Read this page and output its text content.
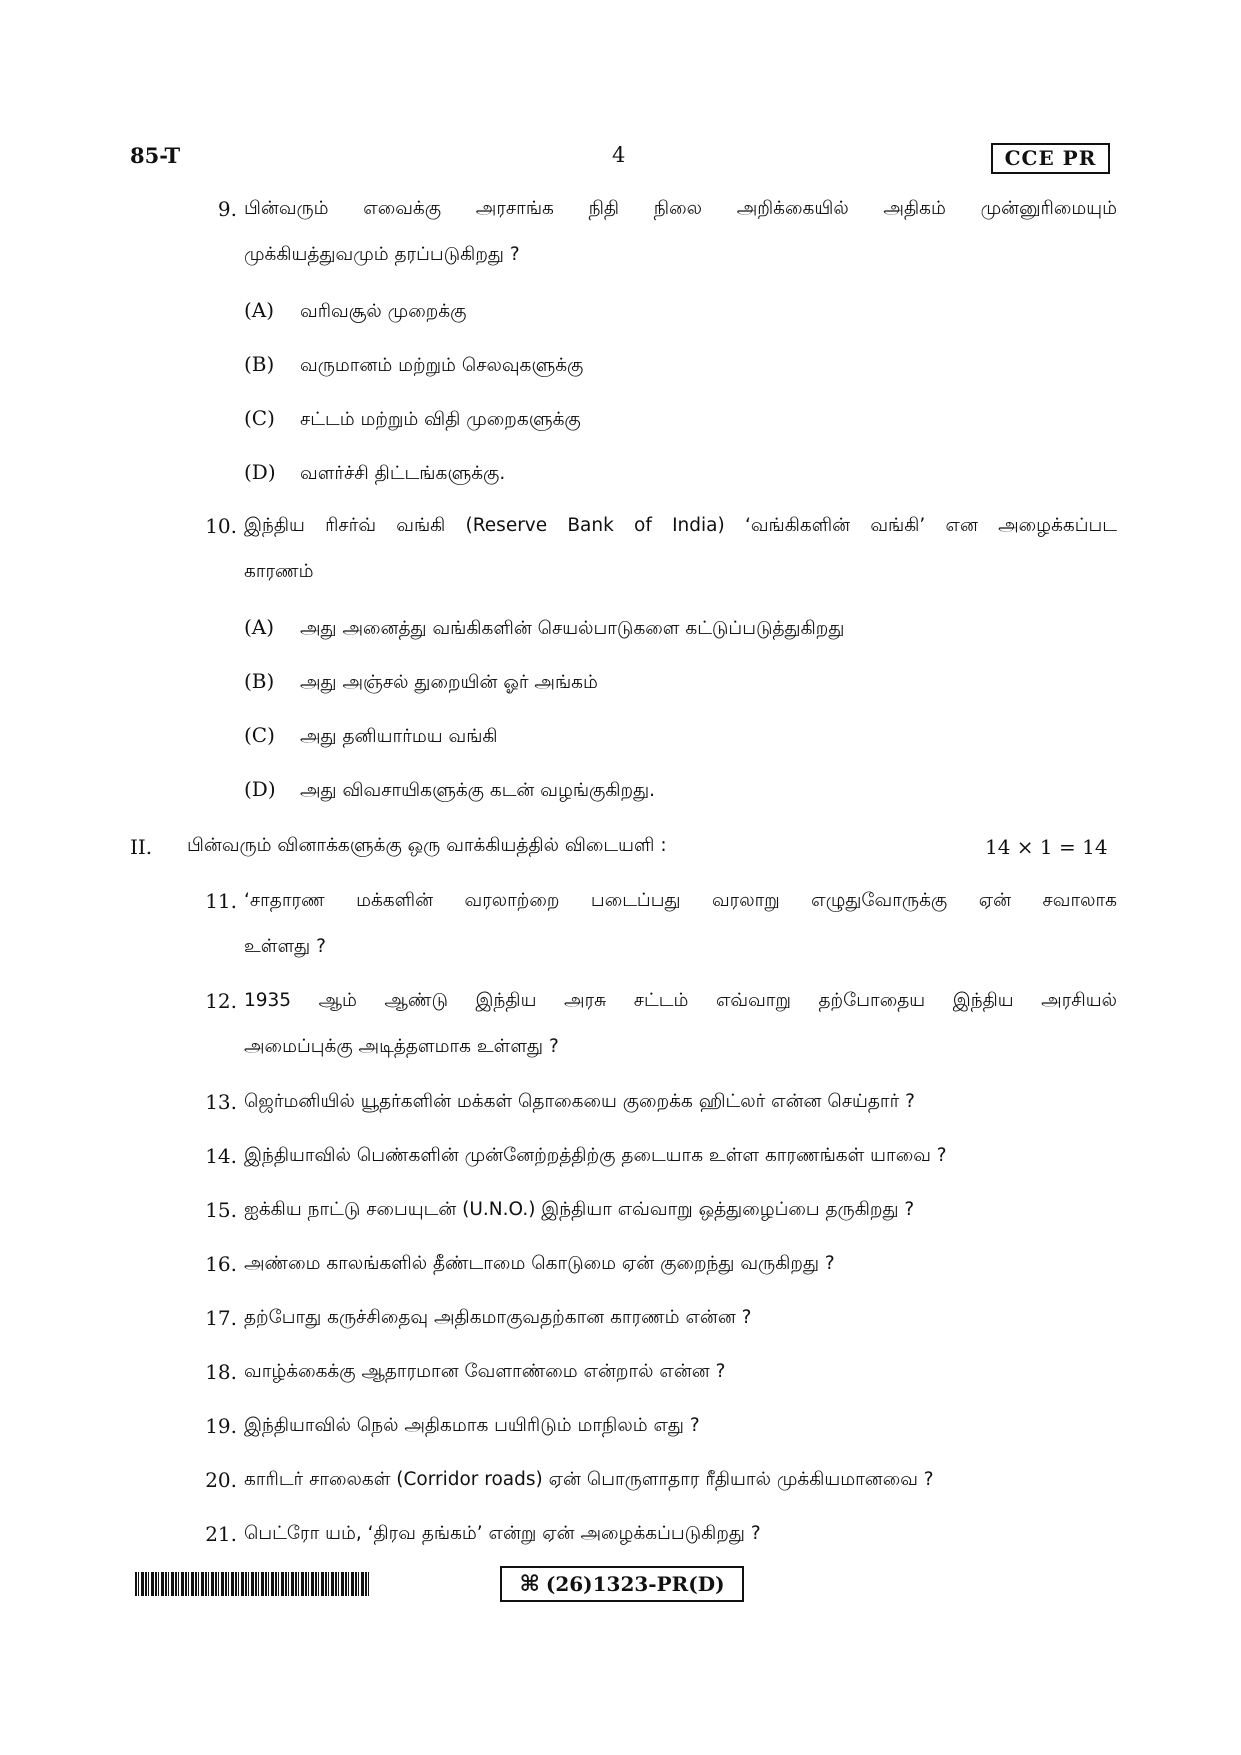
85-T	4	CCE PR
9. பின்வரும் எவைக்கு அரசாங்க நிதி நிலை அறிக்கையில் அதிகம் முன்னுரிமையும்
முக்கியத்துவமும் தரப்படுகிறது ?
(A) வரிவசூல் முறைக்கு
(B) வருமானம் மற்றும் செலவுகளுக்கு
(C) சட்டம் மற்றும் விதி முறைகளுக்கு
(D) வளர்ச்சி திட்டங்களுக்கு.
10. இந்திய ரிசர்வ் வங்கி (Reserve Bank of India) ‘வங்கிகளின் வங்கி’ என அழைக்கப்பட
காரணம்
(A) அது அனைத்து வங்கிகளின் செயல்பாடுகளை கட்டுப்படுத்துகிறது
(B) அது அஞ்சல் துறையின் ஓர் அங்கம்
(C) அது தனியார்மய வங்கி
(D) அது விவசாயிகளுக்கு கடன் வழங்குகிறது.
II. பின்வரும் வினாக்களுக்கு ஒரு வாக்கியத்தில் விடையளி :	14 × 1 = 14
11. ‘சாதாரண மக்களின் வரலாற்றை படைப்பது வரலாறு எழுதுவோருக்கு ஏன் சவாலாக
உள்ளது ?
12. 1935 ஆம் ஆண்டு இந்திய அரசு சட்டம் எவ்வாறு தற்போதைய இந்திய அரசியல்
அமைப்புக்கு அடித்தளமாக உள்ளது ?
13. ஜெர்மனியில் யூதர்களின் மக்கள் தொகையை குறைக்க ஹிட்லர் என்ன செய்தார் ?
14. இந்தியாவில் பெண்களின் முன்னேற்றத்திற்கு தடையாக உள்ள காரணங்கள் யாவை ?
15. ஐக்கிய நாட்டு சபையுடன் (U.N.O.) இந்தியா எவ்வாறு ஒத்துழைப்பை தருகிறது ?
16. அண்மை காலங்களில் தீண்டாமை கொடுமை ஏன் குறைந்து வருகிறது ?
17. தற்போது கருச்சிதைவு அதிகமாகுவதற்கான காரணம் என்ன ?
18. வாழ்க்கைக்கு ஆதாரமான வேளாண்மை என்றால் என்ன ?
19. இந்தியாவில் நெல் அதிகமாக பயிரிடும் மாநிலம் எது ?
20. காரிடர் சாலைகள் (Corridor roads) ஏன் பொருளாதார ரீதியால் முக்கியமானவை ?
21. பெட்ரோ யம், ‘திரவ தங்கம்’ என்று ஏன் அழைக்கப்படுகிறது ?
⌘ (26)1323-PR(D)
